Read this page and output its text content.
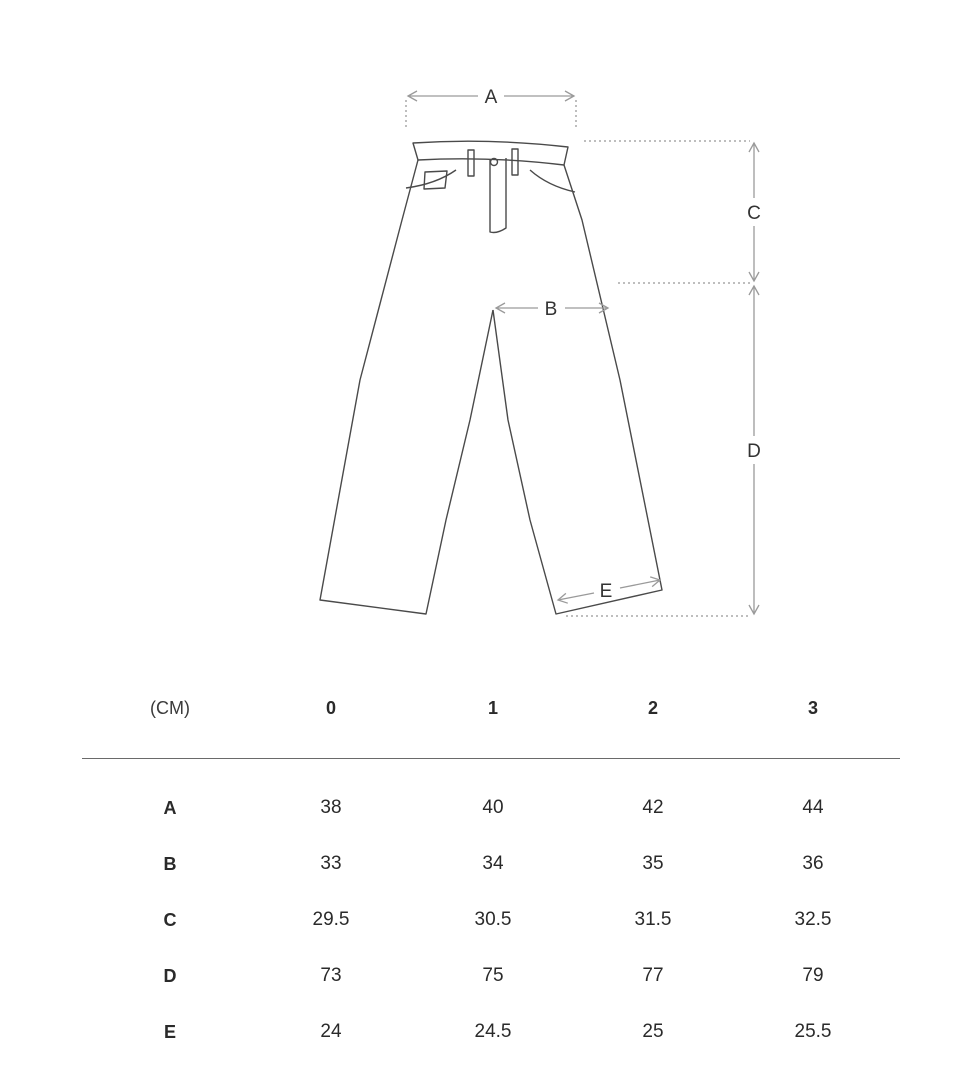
A
B
C
D
E
(CM)	0	1	2	3
A	38	40	42	44
B	33	34	35	36
C	29.5	30.5	31.5	32.5
D	73	75	77	79
E	24	24.5	25	25.5
